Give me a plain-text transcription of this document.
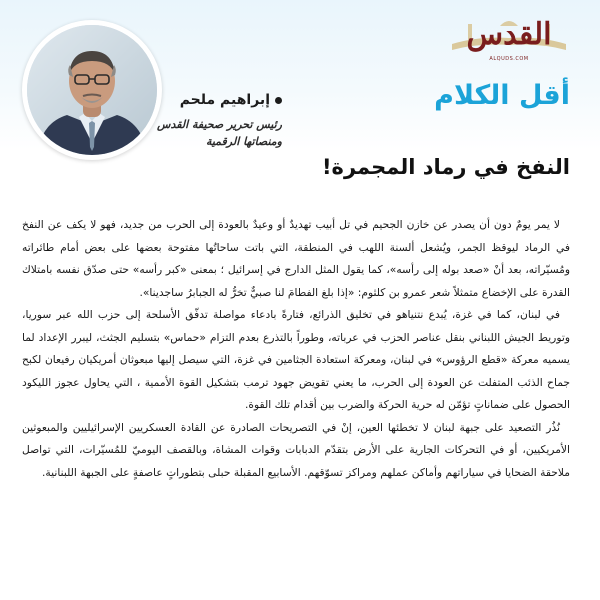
القدس
ALQUDS.COM
أقل الكلام
إبراهيم ملحم
رئيس تحرير صحيفة القدس
ومنصاتها الرقمية
النفخ في رماد المجمرة!

لا يمر يومٌ دون أن يصدر عن خازن الجحيم في تل أبيب تهديدٌ أو وعيدٌ بالعودة إلى الحرب من جديد، فهو لا يكف عن النفخ في الرماد ليوقظ الجمر، ويُشعل ألسنة اللهب في المنطقة، التي باتت ساحاتُها مفتوحة بعضها على بعض أمام طائراته ومُسيّراته، بعد أنْ «صعد بوله إلى رأسه»، كما يقول المثل الدارج في إسرائيل ؛ بمعنى «كبر رأسه» حتى صدّق نفسه بامتلاك القدرة على الإخضاع متمثلاً شعر عمرو بن كلثوم: «إذا بلغ الفطامَ لنا صبيٌّ تخرُّ له الجبابرُ ساجدينا».

في لبنان، كما في غزة، يُبدع نتنياهو في تخليق الذرائع، فتارةً بادعاء مواصلة تدفّق الأسلحة إلى حزب الله عبر سوريا، وتوريط الجيش اللبناني بنقل عناصر الحزب في عرباته، وطوراً بالتذرع بعدم التزام «حماس» بتسليم الجثث، ليبرر الإعداد لما يسميه معركة «قطع الرؤوس» في لبنان، ومعركة استعادة الجثامين في غزة، التي سيصل إليها مبعوثان أمريكيان رفيعان لكبح جماح الذئب المتفلت عن العودة إلى الحرب، ما يعني تقويض جهود ترمب بتشكيل القوة الأممية ، التي يحاول عجوز الليكود الحصول على ضماناتٍ تؤمّن له حرية الحركة والضرب بين أقدام تلك القوة.

نُذُر التصعيد على جبهة لبنان لا تخطئها العين، إنْ في التصريحات الصادرة عن القادة العسكريين الإسرائيليين والمبعوثين الأمريكيين، أو في التحركات الجارية على الأرض بتقدّم الدبابات وقوات المشاة، وبالقصف اليوميّ للمُسيّرات، التي تواصل ملاحقة الضحايا في سياراتهم وأماكن عملهم ومراكز تسوّقهم. الأسابيع المقبلة حبلى بتطوراتٍ عاصفةٍ على الجبهة اللبنانية.
